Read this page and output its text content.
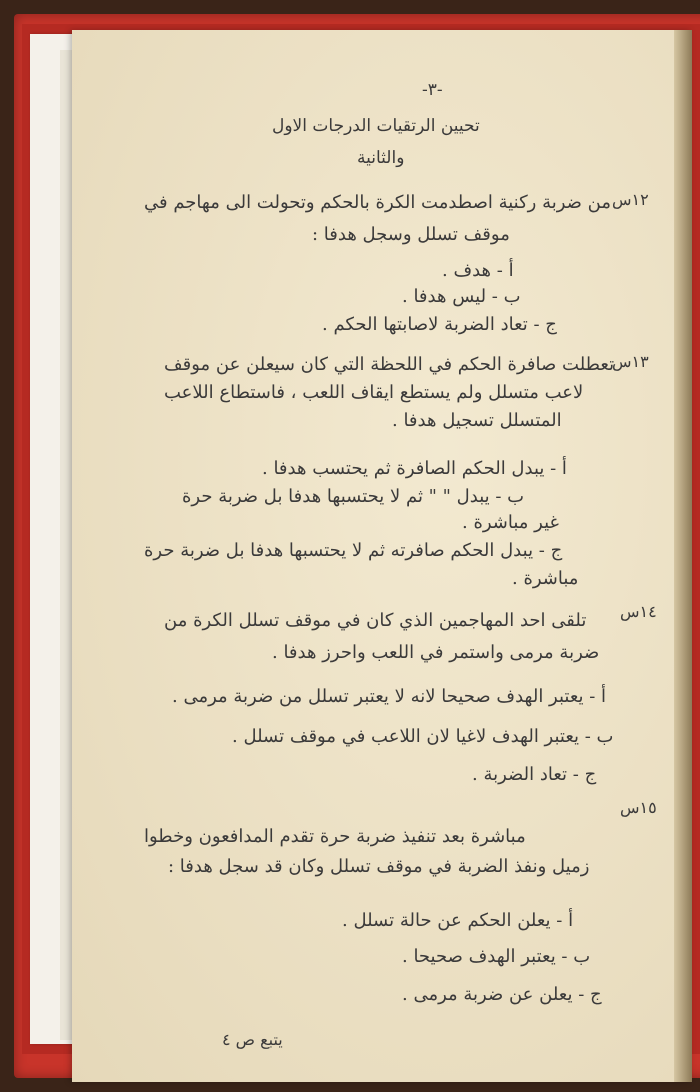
-٣-
تحيين الرتقيات الدرجات الاول
والثانية
١٢س
من ضربة ركنية اصطدمت الكرة بالحكم وتحولت الى مهاجم في
موقف تسلل وسجل هدفا :
أ - هدف .
ب - ليس هدفا .
ج - تعاد الضربة لاصابتها الحكم .
١٣س
تعطلت صافرة الحكم في اللحظة التي كان سيعلن عن موقف
لاعب متسلل ولم يستطع ايقاف اللعب ، فاستطاع اللاعب
المتسلل تسجيل هدفا .
أ - يبدل الحكم الصافرة ثم يحتسب هدفا .
ب - يبدل " " ثم لا يحتسبها هدفا بل ضربة حرة
غير مباشرة .
ج - يبدل الحكم صافرته ثم لا يحتسبها هدفا بل ضربة حرة
مباشرة .
١٤س
تلقى احد المهاجمين الذي كان في موقف تسلل الكرة من
ضربة مرمى واستمر في اللعب واحرز هدفا .
أ - يعتبر الهدف صحيحا لانه لا يعتبر تسلل من ضربة مرمى .
ب - يعتبر الهدف لاغيا لان اللاعب في موقف تسلل .
ج - تعاد الضربة .
١٥س
مباشرة بعد تنفيذ ضربة حرة تقدم المدافعون وخطوا
زميل ونفذ الضربة في موقف تسلل وكان قد سجل هدفا :
أ - يعلن الحكم عن حالة تسلل .
ب - يعتبر الهدف صحيحا .
ج - يعلن عن ضربة مرمى .
يتبع ص ٤
